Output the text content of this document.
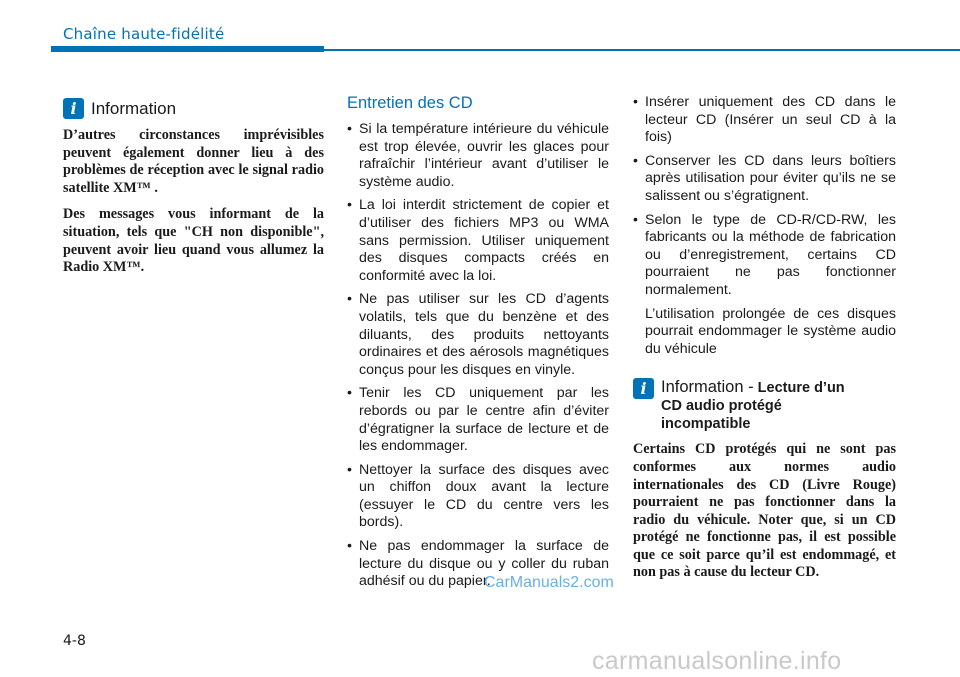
Chaîne haute-fidélité
i Information

D’autres circonstances imprévisibles peuvent également donner lieu à des problèmes de réception avec le signal radio satellite XM™ .

Des messages vous informant de la situation, tels que "CH non disponible", peuvent avoir lieu quand vous allumez la Radio XM™.

Entretien des CD
• Si la température intérieure du véhicule est trop élevée, ouvrir les glaces pour rafraîchir l’intérieur avant d’utiliser le système audio.
• La loi interdit strictement de copier et d’utiliser des fichiers MP3 ou WMA sans permission. Utiliser uniquement des disques compacts créés en conformité avec la loi.
• Ne pas utiliser sur les CD d’agents volatils, tels que du benzène et des diluants, des produits nettoyants ordinaires et des aérosols magnétiques conçus pour les disques en vinyle.
• Tenir les CD uniquement par les rebords ou par le centre afin d’éviter d’égratigner la surface de lecture et de les endommager.
• Nettoyer la surface des disques avec un chiffon doux avant la lecture (essuyer le CD du centre vers les bords).
• Ne pas endommager la surface de lecture du disque ou y coller du ruban adhésif ou du papier.
• Insérer uniquement des CD dans le lecteur CD (Insérer un seul CD à la fois)
• Conserver les CD dans leurs boîtiers après utilisation pour éviter qu’ils ne se salissent ou s’égratignent.
• Selon le type de CD-R/CD-RW, les fabricants ou la méthode de fabrication ou d’enregistrement, certains CD pourraient ne pas fonctionner normalement.

L’utilisation prolongée de ces disques pourrait endommager le système audio du véhicule

i Information - Lecture d’un
CD audio protégé
incompatible

Certains CD protégés qui ne sont pas conformes aux normes audio internationales des CD (Livre Rouge) pourraient ne pas fonctionner dans la radio du véhicule. Noter que, si un CD protégé ne fonctionne pas, il est possible que ce soit parce qu’il est endommagé, et non pas à cause du lecteur CD.

4-8
CarManuals2.com
carmanualsonline.info
